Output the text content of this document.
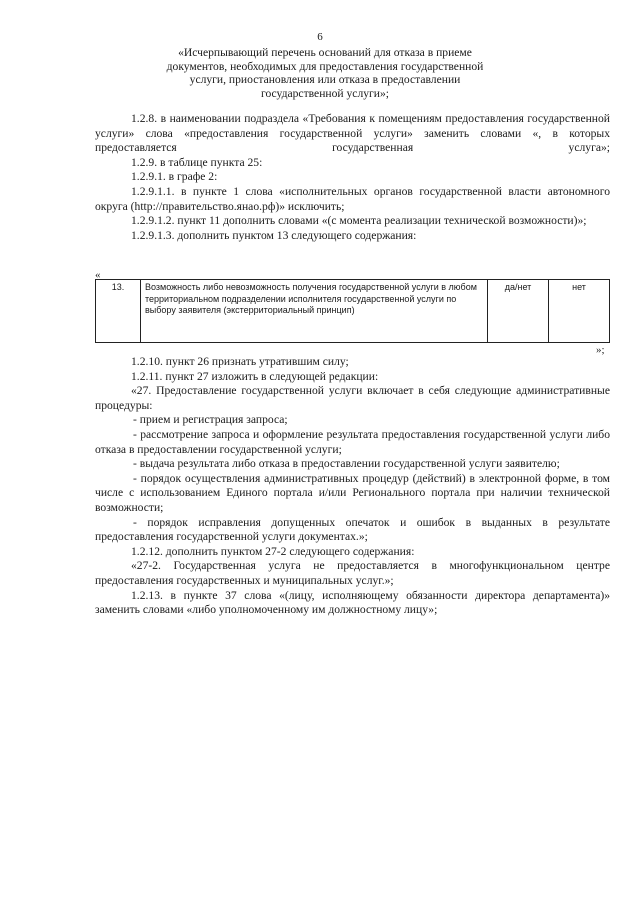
6
«Исчерпывающий перечень оснований для отказа в приеме
документов, необходимых для предоставления государственной
услуги, приостановления или отказа в предоставлении
государственной услуги»;

1.2.8. в наименовании подраздела «Требования к помещениям предоставления государственной услуги» слова «предоставления государственной услуги» заменить словами «, в которых предоставляется государственная услуга»;

1.2.9. в таблице пункта 25:

1.2.9.1. в графе 2:

1.2.9.1.1. в пункте 1 слова «исполнительных органов государственной власти автономного округа (http://правительство.янао.рф)» исключить;

1.2.9.1.2. пункт 11 дополнить словами «(с момента реализации технической возможности)»;

1.2.9.1.3. дополнить пунктом 13 следующего содержания:

«
13.	Возможность либо невозможность получения государственной услуги в любом территориальном подразделении исполнителя государственной услуги по выбору заявителя (экстерриториальный принцип)	да/нет	нет
»;

1.2.10. пункт 26 признать утратившим силу;

1.2.11. пункт 27 изложить в следующей редакции:

«27. Предоставление государственной услуги включает в себя следующие административные процедуры:

- прием и регистрация запроса;

- рассмотрение запроса и оформление результата предоставления государственной услуги либо отказа в предоставлении государственной услуги;

- выдача результата либо отказа в предоставлении государственной услуги заявителю;

- порядок осуществления административных процедур (действий) в электронной форме, в том числе с использованием Единого портала и/или Регионального портала при наличии технической возможности;

- порядок исправления допущенных опечаток и ошибок в выданных в результате предоставления государственной услуги документах.»;

1.2.12. дополнить пунктом 27-2 следующего содержания:

«27-2. Государственная услуга не предоставляется в многофункциональном центре предоставления государственных и муниципальных услуг.»;

1.2.13. в пункте 37 слова «(лицу, исполняющему обязанности директора департамента)» заменить словами «либо уполномоченному им должностному лицу»;
